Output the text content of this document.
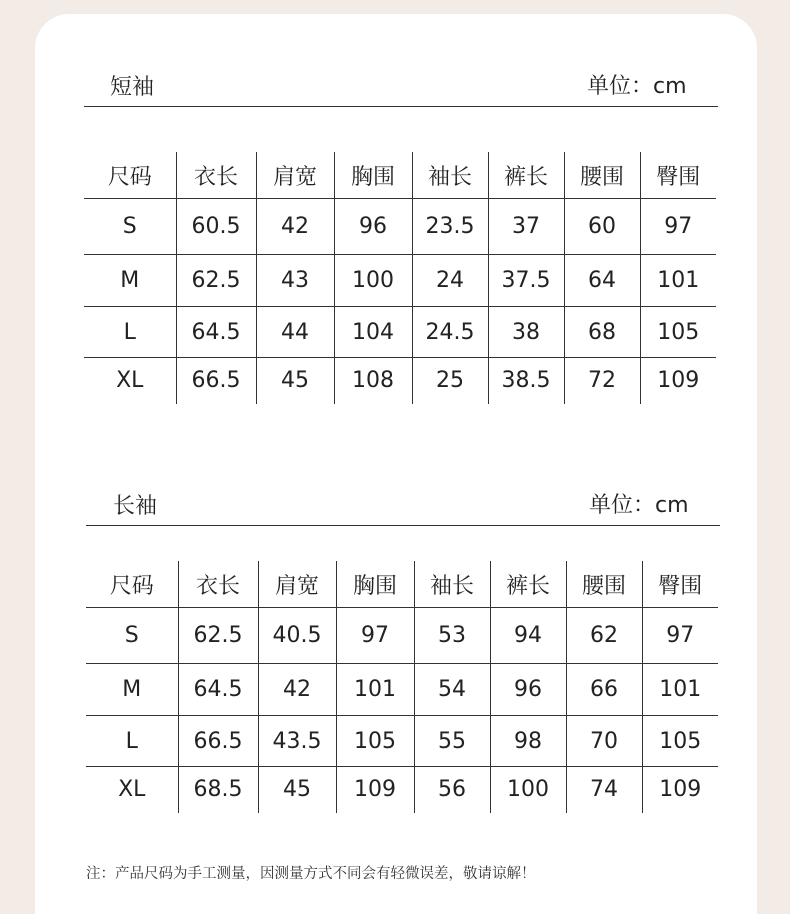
短袖	单位：cm
尺码	衣长	肩宽	胸围	袖长	裤长	腰围	臀围
S	60.5	42	96	23.5	37	60	97
M	62.5	43	100	24	37.5	64	101
L	64.5	44	104	24.5	38	68	105
XL	66.5	45	108	25	38.5	72	109
长袖	单位：cm
尺码	衣长	肩宽	胸围	袖长	裤长	腰围	臀围
S	62.5	40.5	97	53	94	62	97
M	64.5	42	101	54	96	66	101
L	66.5	43.5	105	55	98	70	105
XL	68.5	45	109	56	100	74	109
注：产品尺码为手工测量，因测量方式不同会有轻微误差，敬请谅解！
